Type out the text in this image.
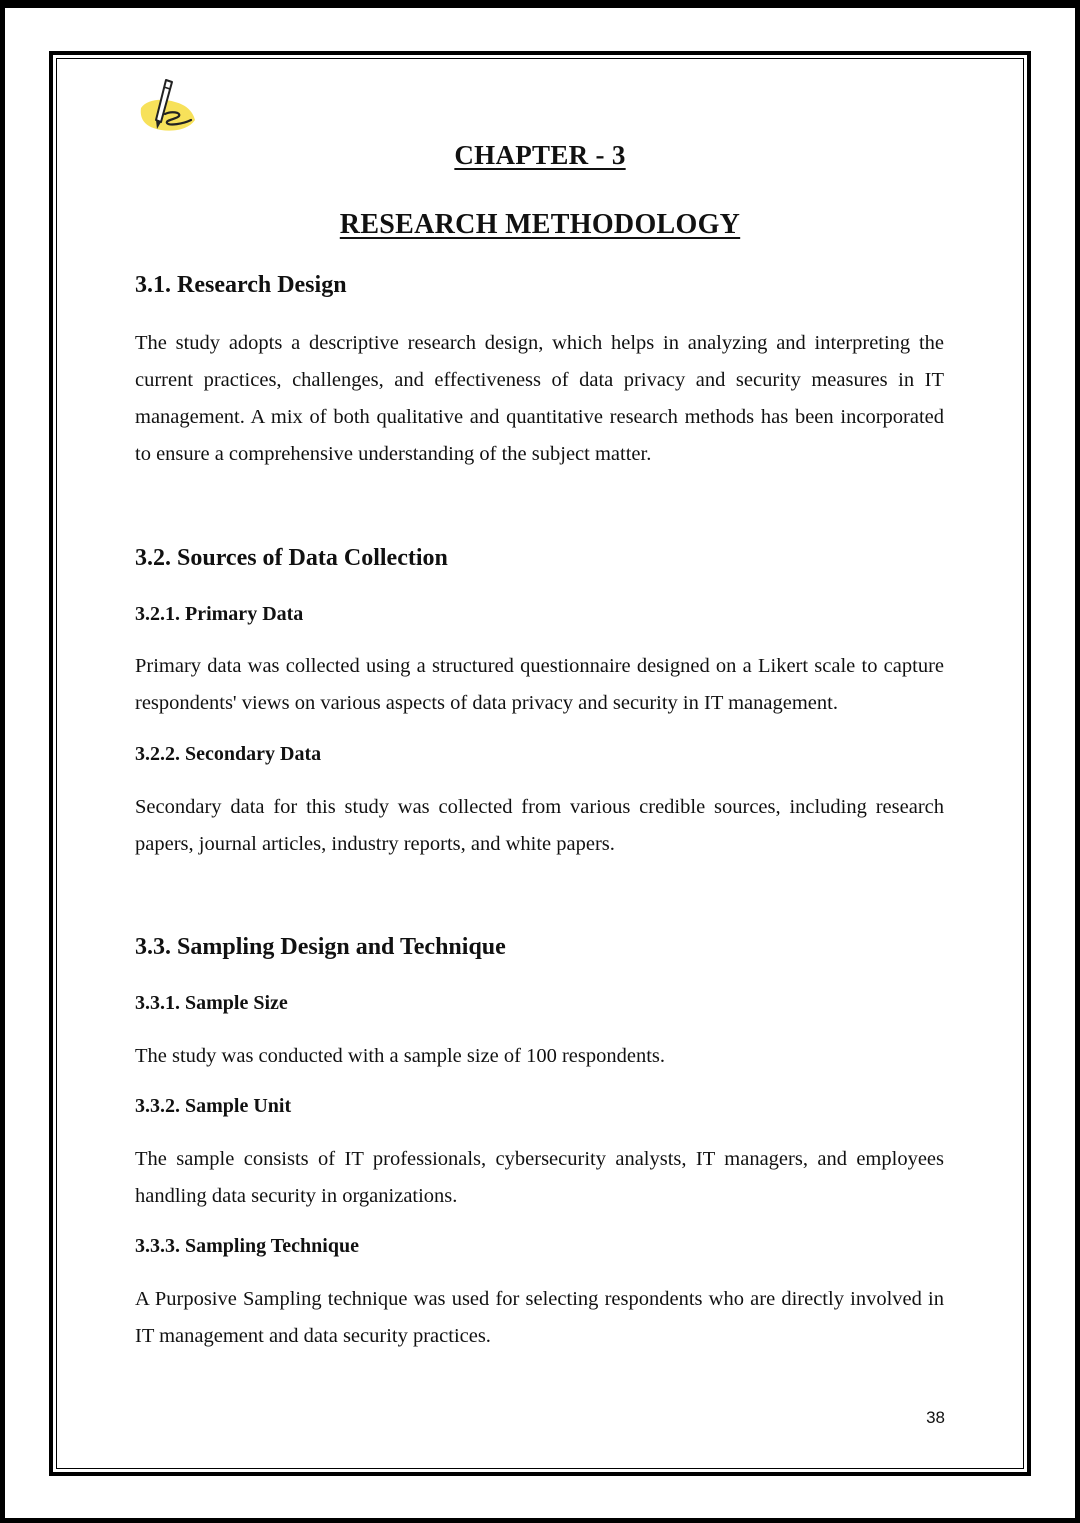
CHAPTER - 3
RESEARCH METHODOLOGY
3.1. Research Design
The study adopts a descriptive research design, which helps in analyzing and interpreting the current practices, challenges, and effectiveness of data privacy and security measures in IT management. A mix of both qualitative and quantitative research methods has been incorporated to ensure a comprehensive understanding of the subject matter.
3.2. Sources of Data Collection
3.2.1. Primary Data
Primary data was collected using a structured questionnaire designed on a Likert scale to capture respondents' views on various aspects of data privacy and security in IT management.
3.2.2. Secondary Data
Secondary data for this study was collected from various credible sources, including research papers, journal articles, industry reports, and white papers.
3.3. Sampling Design and Technique
3.3.1. Sample Size
The study was conducted with a sample size of 100 respondents.
3.3.2. Sample Unit
The sample consists of IT professionals, cybersecurity analysts, IT managers, and employees handling data security in organizations.
3.3.3. Sampling Technique
A Purposive Sampling technique was used for selecting respondents who are directly involved in IT management and data security practices.
38
